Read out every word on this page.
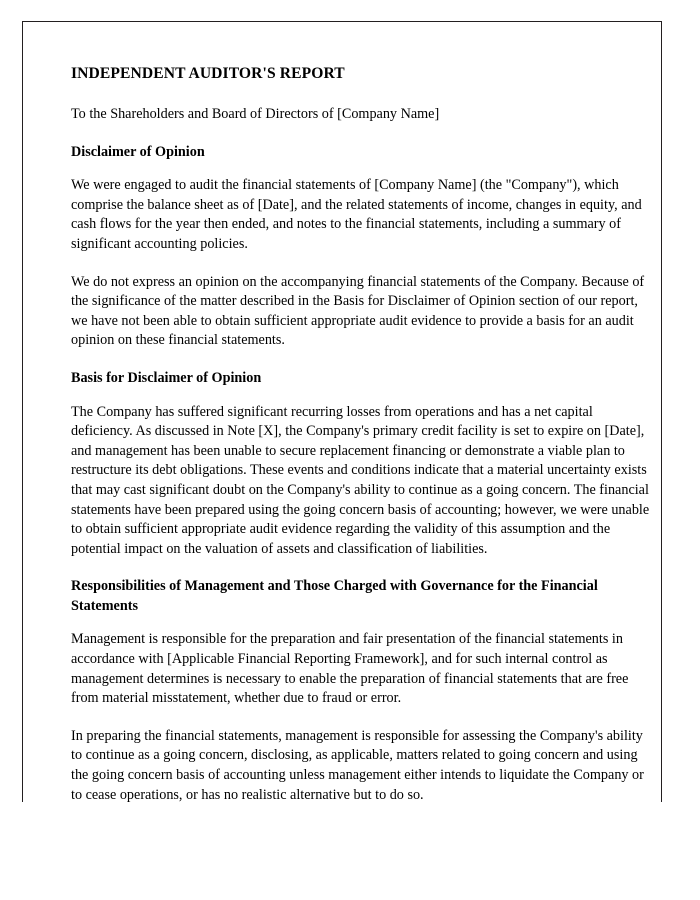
INDEPENDENT AUDITOR'S REPORT

To the Shareholders and Board of Directors of [Company Name]

Disclaimer of Opinion

We were engaged to audit the financial statements of [Company Name] (the "Company"), which comprise the balance sheet as of [Date], and the related statements of income, changes in equity, and cash flows for the year then ended, and notes to the financial statements, including a summary of significant accounting policies.

We do not express an opinion on the accompanying financial statements of the Company. Because of the significance of the matter described in the Basis for Disclaimer of Opinion section of our report, we have not been able to obtain sufficient appropriate audit evidence to provide a basis for an audit opinion on these financial statements.

Basis for Disclaimer of Opinion

The Company has suffered significant recurring losses from operations and has a net capital deficiency. As discussed in Note [X], the Company's primary credit facility is set to expire on [Date], and management has been unable to secure replacement financing or demonstrate a viable plan to restructure its debt obligations. These events and conditions indicate that a material uncertainty exists that may cast significant doubt on the Company's ability to continue as a going concern. The financial statements have been prepared using the going concern basis of accounting; however, we were unable to obtain sufficient appropriate audit evidence regarding the validity of this assumption and the potential impact on the valuation of assets and classification of liabilities.

Responsibilities of Management and Those Charged with Governance for the Financial Statements

Management is responsible for the preparation and fair presentation of the financial statements in accordance with [Applicable Financial Reporting Framework], and for such internal control as management determines is necessary to enable the preparation of financial statements that are free from material misstatement, whether due to fraud or error.

In preparing the financial statements, management is responsible for assessing the Company's ability to continue as a going concern, disclosing, as applicable, matters related to going concern and using the going concern basis of accounting unless management either intends to liquidate the Company or to cease operations, or has no realistic alternative but to do so.
